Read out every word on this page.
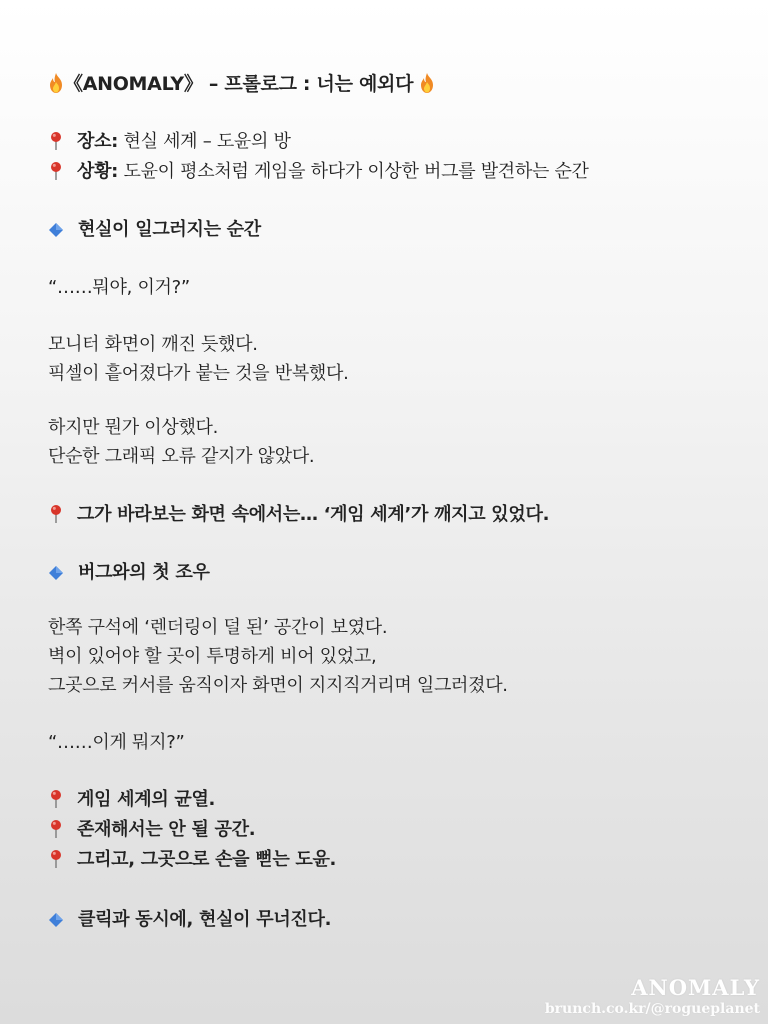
《ANOMALY》 – 프롤로그 : 너는 예외다
장소: 현실 세계 – 도윤의 방
상황: 도윤이 평소처럼 게임을 하다가 이상한 버그를 발견하는 순간
현실이 일그러지는 순간
“……뭐야, 이거?”
모니터 화면이 깨진 듯했다.
픽셀이 흩어졌다가 붙는 것을 반복했다.
하지만 뭔가 이상했다.
단순한 그래픽 오류 같지가 않았다.
그가 바라보는 화면 속에서는… ‘게임 세계’가 깨지고 있었다.
버그와의 첫 조우
한쪽 구석에 ‘렌더링이 덜 된’ 공간이 보였다.
벽이 있어야 할 곳이 투명하게 비어 있었고,
그곳으로 커서를 움직이자 화면이 지지직거리며 일그러졌다.
“……이게 뭐지?”
게임 세계의 균열.
존재해서는 안 될 공간.
그리고, 그곳으로 손을 뻗는 도윤.
클릭과 동시에, 현실이 무너진다.
ANOMALY
brunch.co.kr/@rogueplanet
